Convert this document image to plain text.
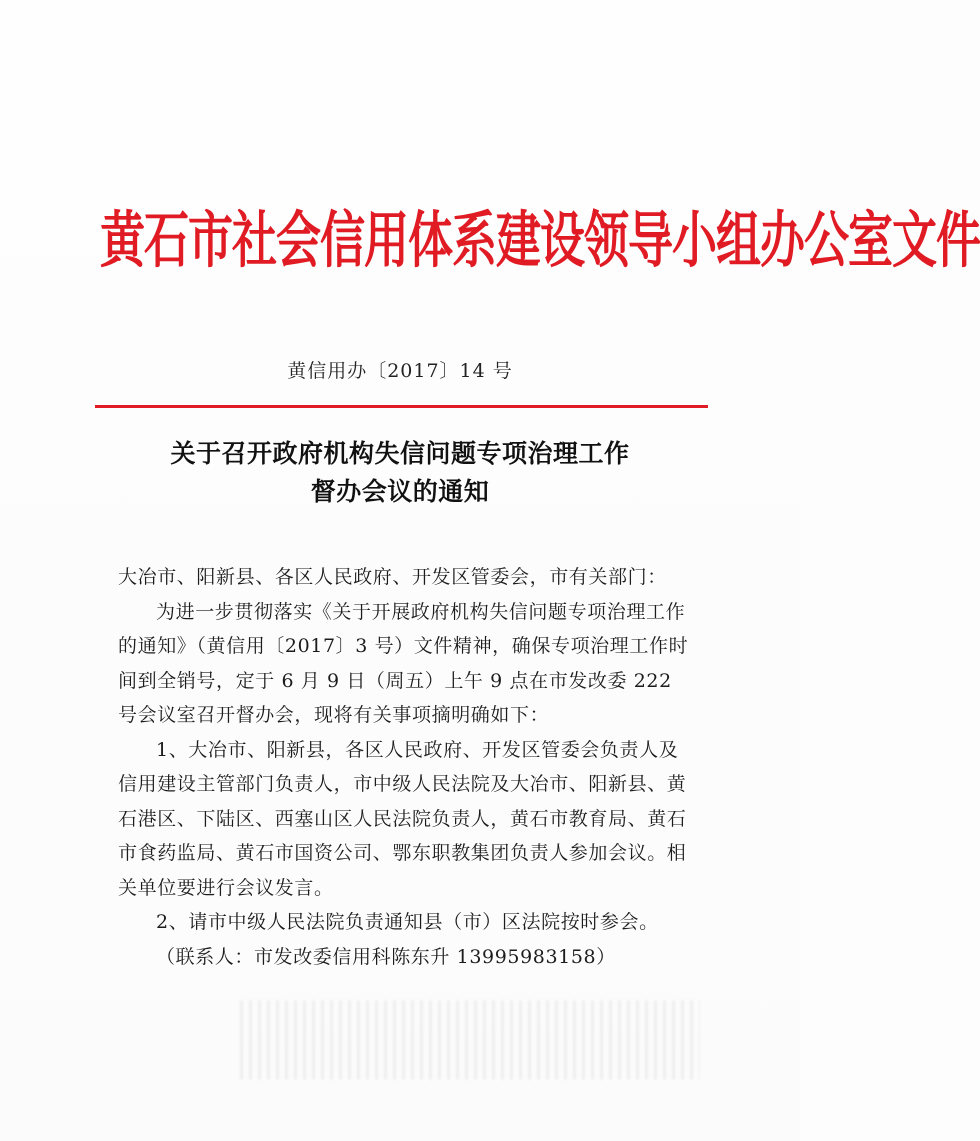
黄石市社会信用体系建设领导小组办公室文件
黄信用办〔2017〕14 号
关于召开政府机构失信问题专项治理工作
督办会议的通知

大冶市、阳新县、各区人民政府、开发区管委会，市有关部门：

为进一步贯彻落实《关于开展政府机构失信问题专项治理工作的通知》（黄信用〔2017〕3 号）文件精神，确保专项治理工作时间到全销号，定于 6 月 9 日（周五）上午 9 点在市发改委 222 号会议室召开督办会，现将有关事项摘明确如下：

1、大冶市、阳新县，各区人民政府、开发区管委会负责人及信用建设主管部门负责人，市中级人民法院及大冶市、阳新县、黄石港区、下陆区、西塞山区人民法院负责人，黄石市教育局、黄石市食药监局、黄石市国资公司、鄂东职教集团负责人参加会议。相关单位要进行会议发言。

2、请市中级人民法院负责通知县（市）区法院按时参会。

（联系人：市发改委信用科陈东升 13995983158）
